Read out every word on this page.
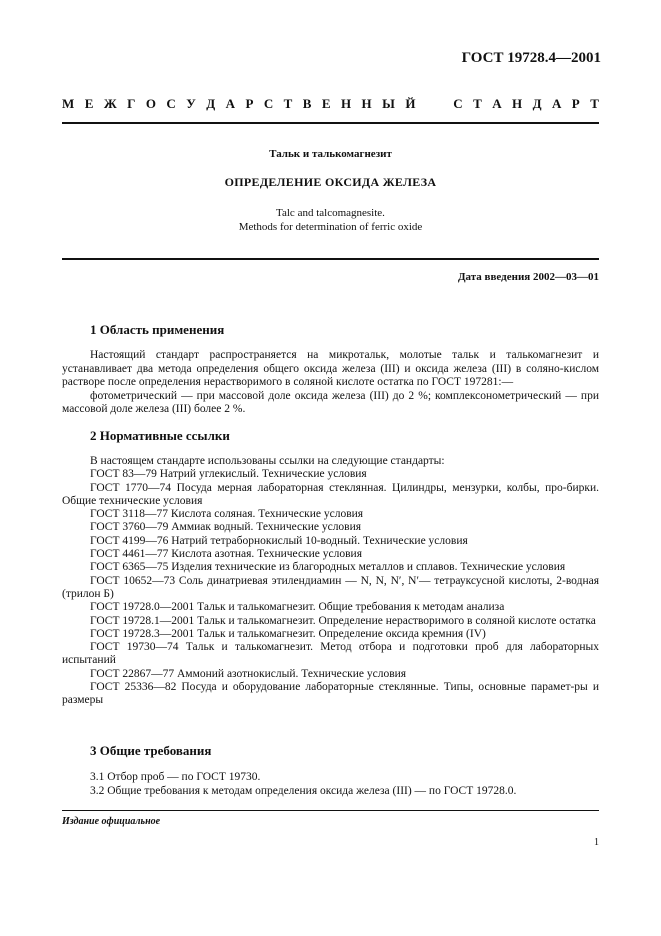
ГОСТ 19728.4—2001
М Е Ж Г О С У Д А Р С Т В Е Н Н Ы Й

	С Т А Н Д А Р Т
Тальк и талькомагнезит
ОПРЕДЕЛЕНИЕ ОКСИДА ЖЕЛЕЗА
Talc and talcomagnesite.
Methods for determination of ferric oxide
Дата введения 2002—03—01
1 Область применения

Настоящий стандарт распространяется на микротальк, молотые тальк и талькомагнезит и устанавливает два метода определения общего оксида железа (III) и оксида железа (III) в соляно-кислом растворе после определения нерастворимого в соляной кислоте остатка по ГОСТ 197281:—

фотометрический — при массовой доле оксида железа (III) до 2 %; комплексонометрический — при массовой доле железа (III) более 2 %.

2 Нормативные ссылки
В настоящем стандарте использованы ссылки на следующие стандарты:
ГОСТ 83—79 Натрий углекислый. Технические условия
ГОСТ 1770—74 Посуда мерная лабораторная стеклянная. Цилиндры, мензурки, колбы, про-бирки. Общие технические условия
ГОСТ 3118—77 Кислота соляная. Технические условия
ГОСТ 3760—79 Аммиак водный. Технические условия
ГОСТ 4199—76 Натрий тетраборнокислый 10-водный. Технические условия
ГОСТ 4461—77 Кислота азотная. Технические условия
ГОСТ 6365—75 Изделия технические из благородных металлов и сплавов. Технические условия
ГОСТ 10652—73 Соль динатриевая этилендиамин — N, N, N′, N′— тетрауксусной кислоты, 2-водная (трилон Б)
ГОСТ 19728.0—2001 Тальк и талькомагнезит. Общие требования к методам анализа
ГОСТ 19728.1—2001 Тальк и талькомагнезит. Определение нерастворимого в соляной кислоте остатка
ГОСТ 19728.3—2001 Тальк и талькомагнезит. Определение оксида кремния (IV)
ГОСТ 19730—74 Тальк и талькомагнезит. Метод отбора и подготовки проб для лабораторных испытаний
ГОСТ 22867—77 Аммоний азотнокислый. Технические условия
ГОСТ 25336—82 Посуда и оборудование лабораторные стеклянные. Типы, основные парамет-ры и размеры
3 Общие требования

3.1 Отбор проб — по ГОСТ 19730.

3.2 Общие требования к методам определения оксида железа (III) — по ГОСТ 19728.0.

Издание официальное
1
